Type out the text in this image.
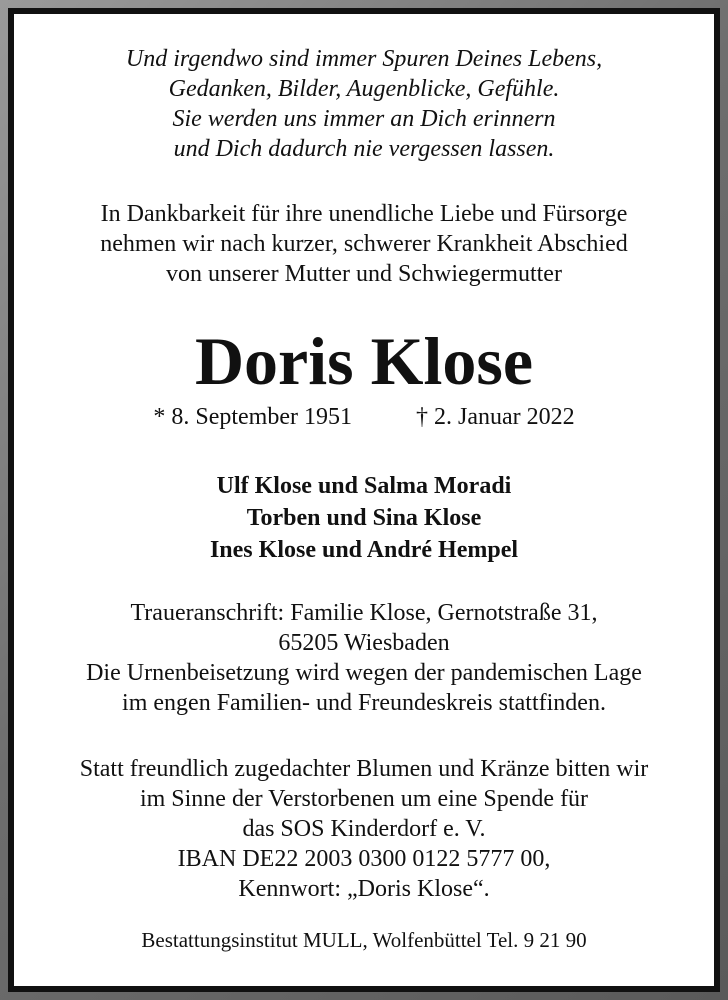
Und irgendwo sind immer Spuren Deines Lebens,
Gedanken, Bilder, Augenblicke, Gefühle.
Sie werden uns immer an Dich erinnern
und Dich dadurch nie vergessen lassen.
In Dankbarkeit für ihre unendliche Liebe und Fürsorge
nehmen wir nach kurzer, schwerer Krankheit Abschied
von unserer Mutter und Schwiegermutter
Doris Klose
* 8. September 1951	† 2. Januar 2022
Ulf Klose und Salma Moradi
Torben und Sina Klose
Ines Klose und André Hempel
Traueranschrift: Familie Klose, Gernotstraße 31,
65205 Wiesbaden
Die Urnenbeisetzung wird wegen der pandemischen Lage
im engen Familien- und Freundeskreis stattfinden.
Statt freundlich zugedachter Blumen und Kränze bitten wir
im Sinne der Verstorbenen um eine Spende für
das SOS Kinderdorf e. V.
IBAN DE22 2003 0300 0122 5777 00,
Kennwort: „Doris Klose“.
Bestattungsinstitut MULL, Wolfenbüttel Tel. 9 21 90
